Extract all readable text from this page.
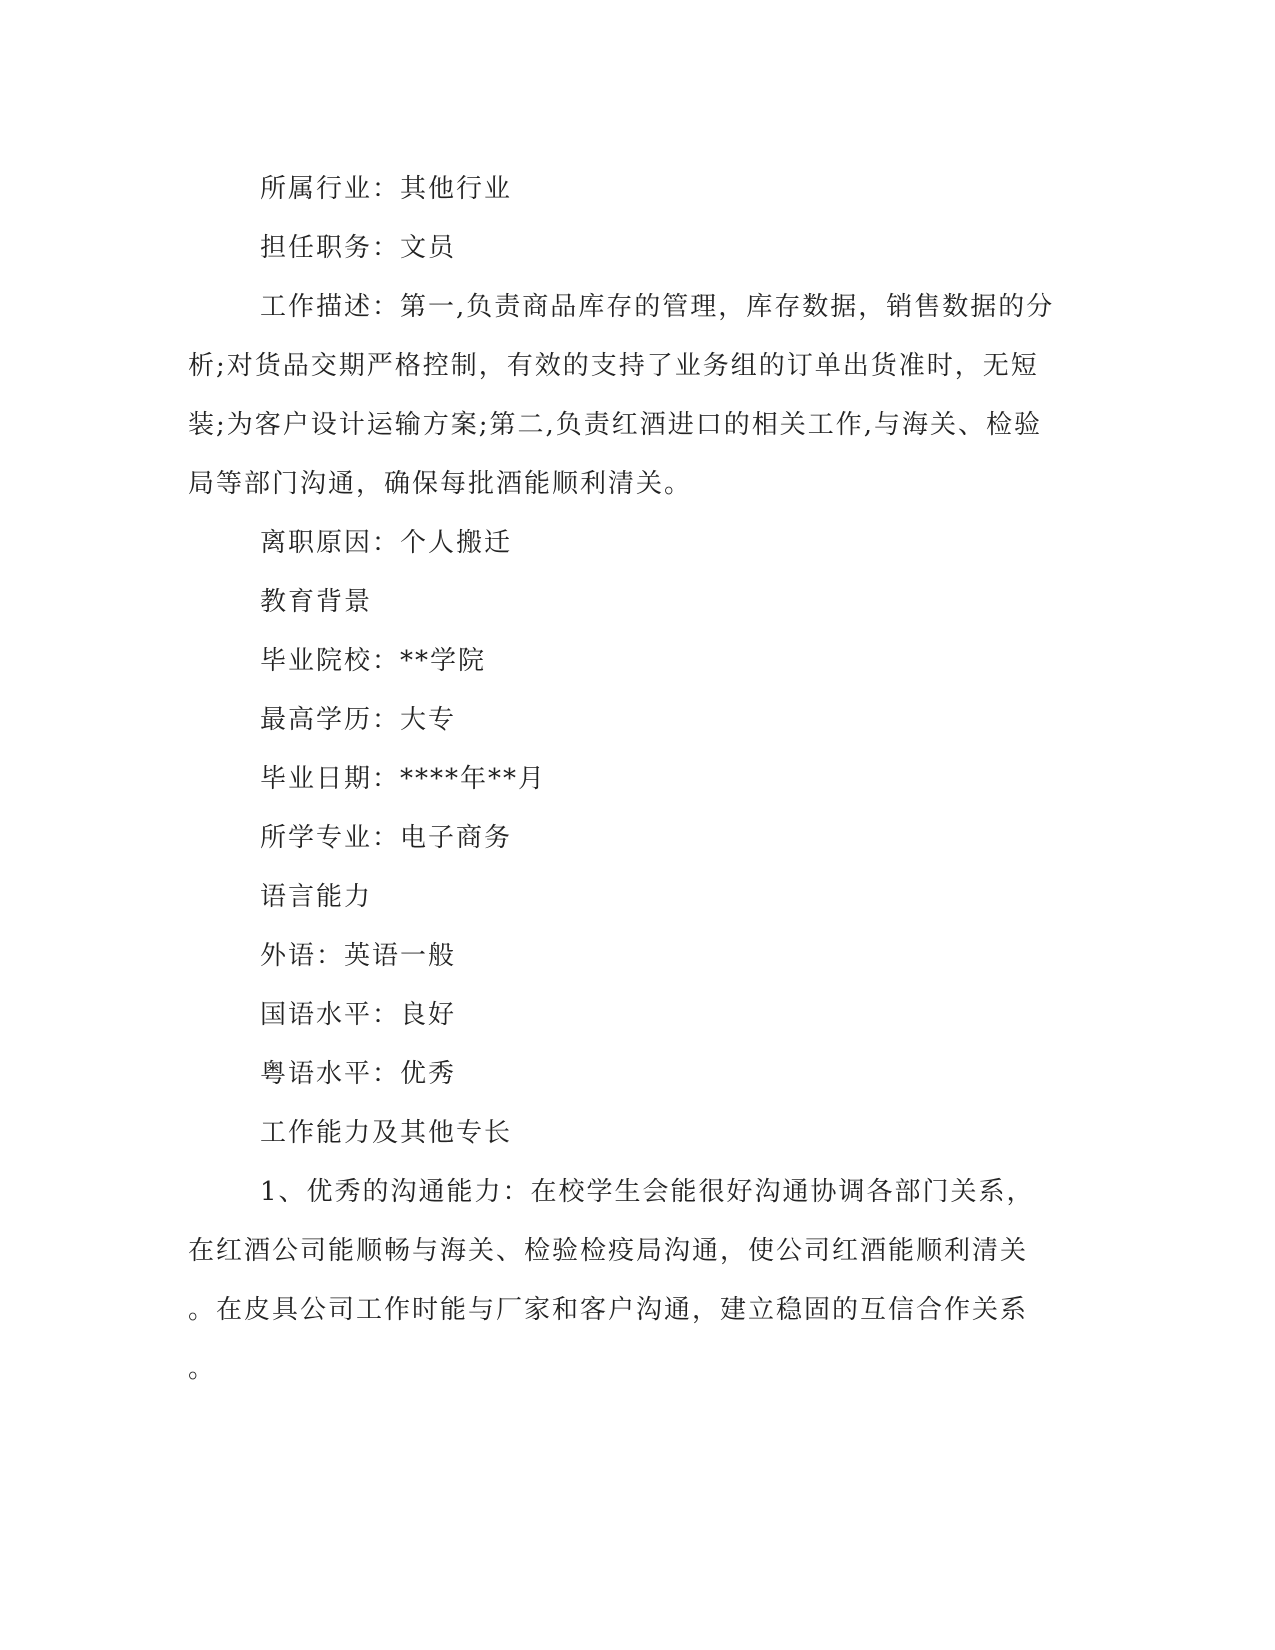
所属行业：其他行业
担任职务：文员
工作描述：第一,负责商品库存的管理，库存数据，销售数据的分
析;对货品交期严格控制，有效的支持了业务组的订单出货准时，无短
装;为客户设计运输方案;第二,负责红酒进口的相关工作,与海关、检验
局等部门沟通，确保每批酒能顺利清关。
离职原因：个人搬迁
教育背景
毕业院校：**学院
最高学历：大专
毕业日期：****年**月
所学专业：电子商务
语言能力
外语：英语一般
国语水平：良好
粤语水平：优秀
工作能力及其他专长
1、优秀的沟通能力：在校学生会能很好沟通协调各部门关系，
在红酒公司能顺畅与海关、检验检疫局沟通，使公司红酒能顺利清关
。在皮具公司工作时能与厂家和客户沟通，建立稳固的互信合作关系
。
